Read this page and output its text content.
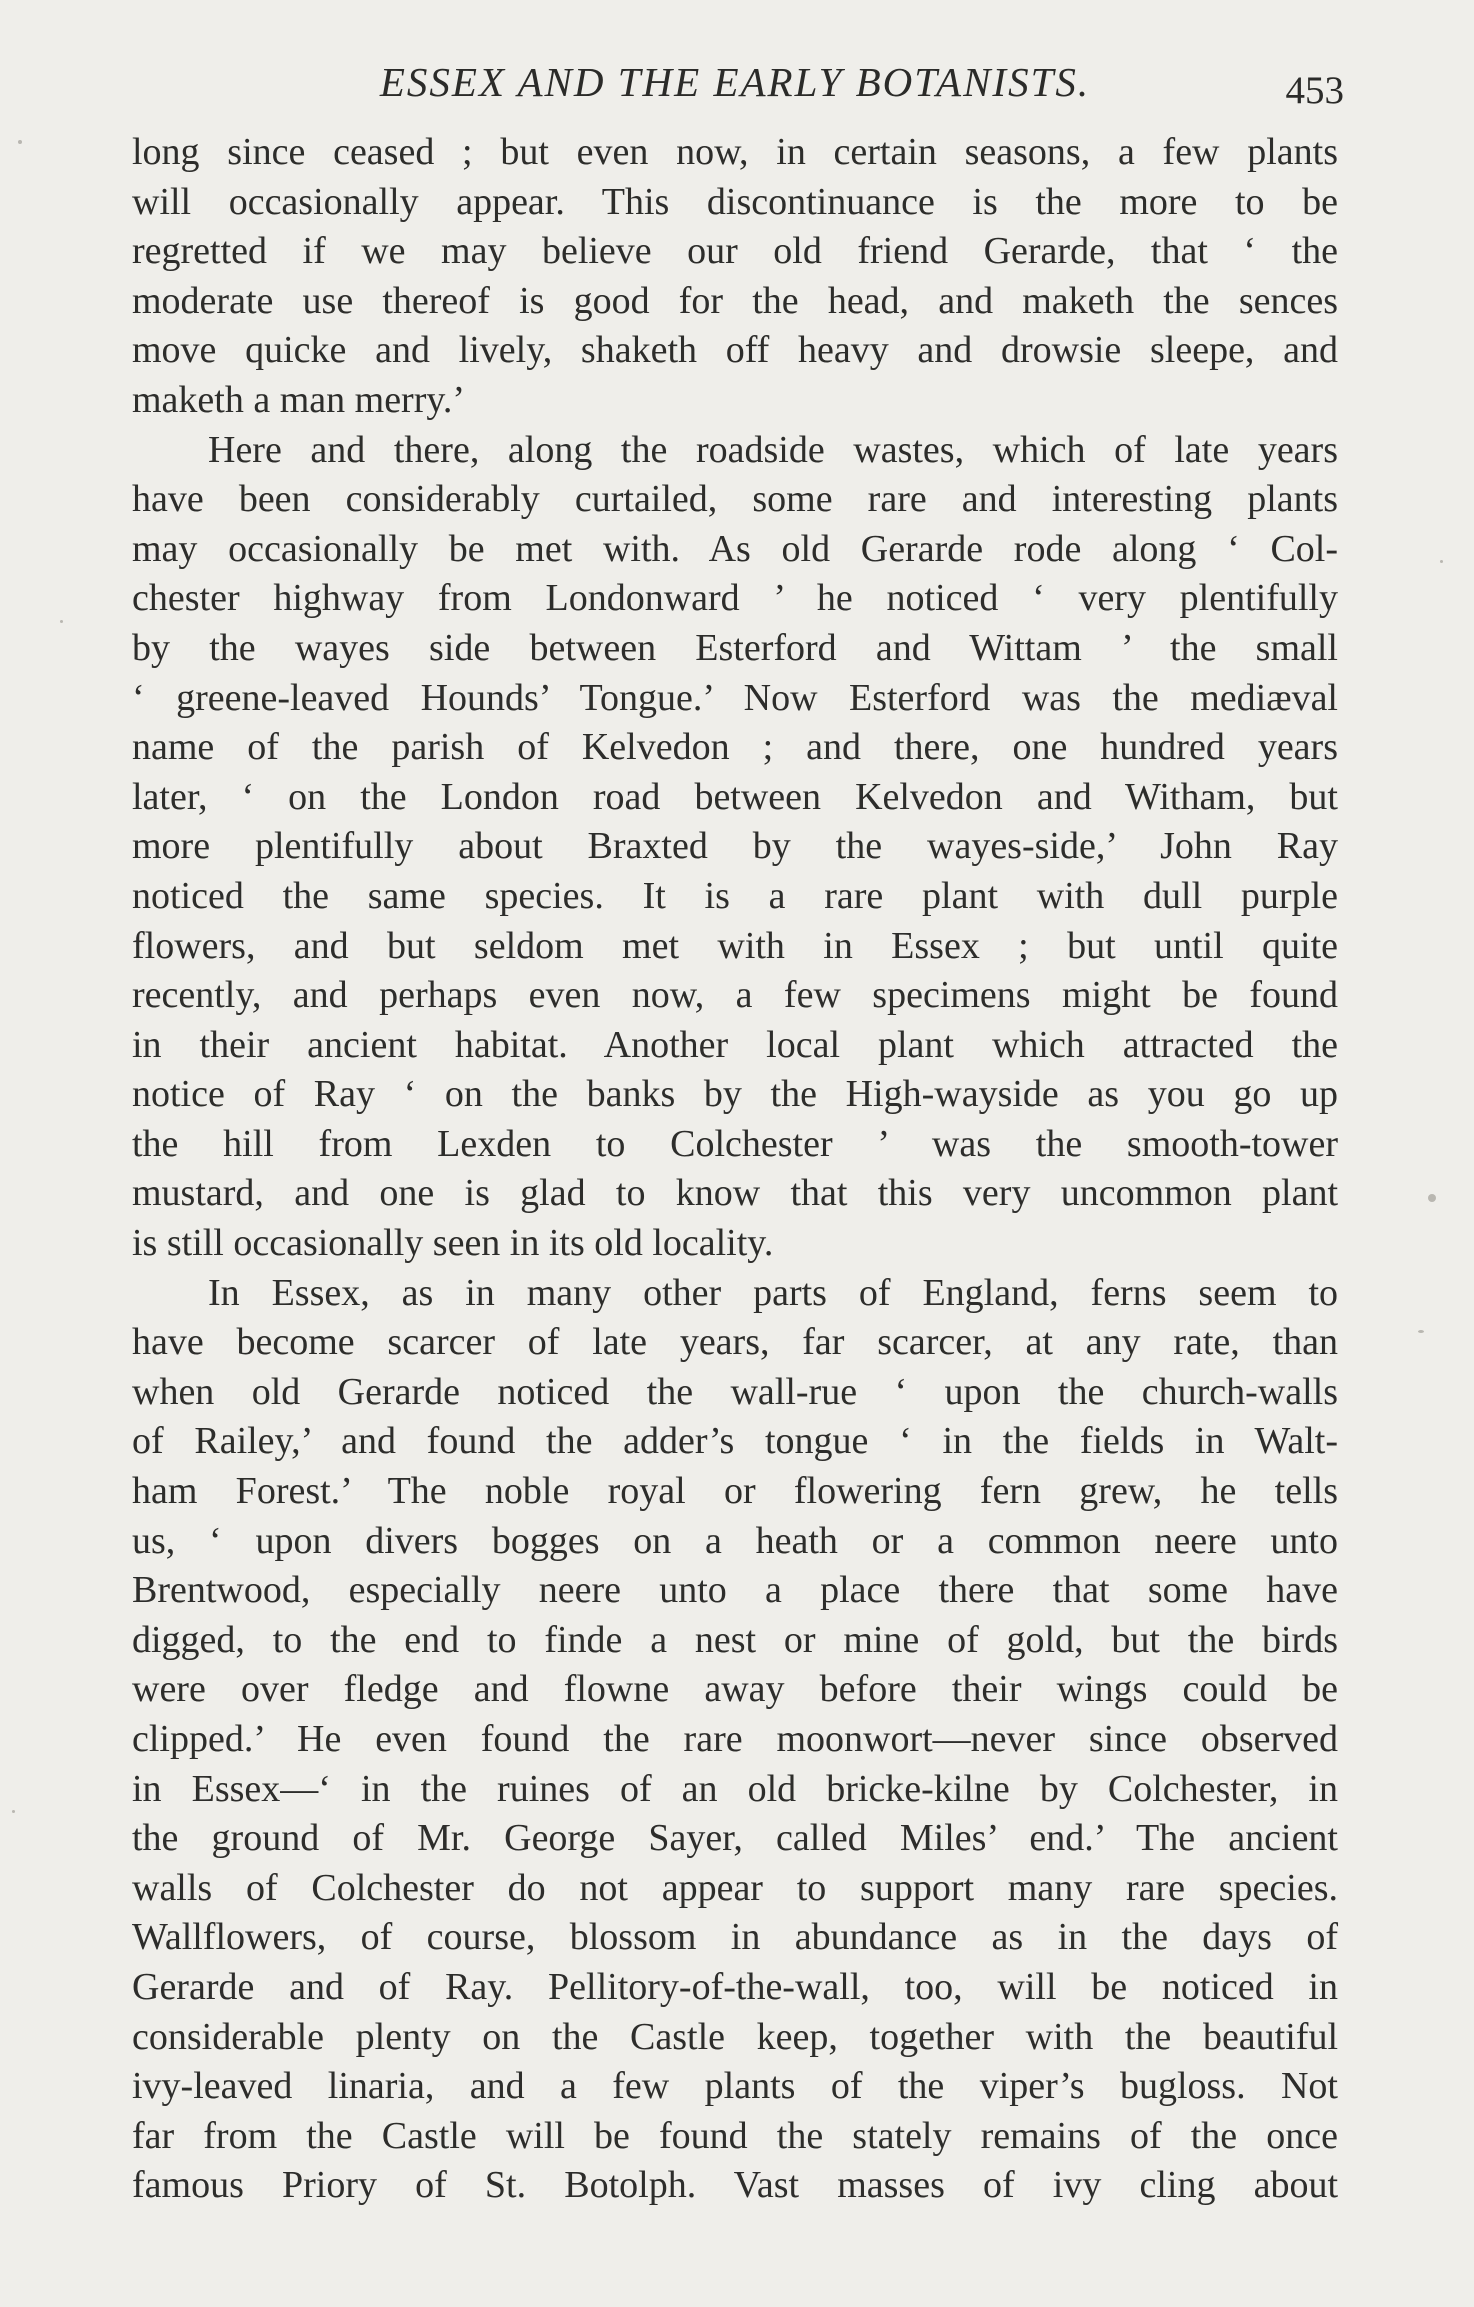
ESSEX AND THE EARLY BOTANISTS.	453

long since ceased ; but even now, in certain seasons, a few plants
will occasionally appear. This discontinuance is the more to be
regretted if we may believe our old friend Gerarde, that ‘ the
moderate use thereof is good for the head, and maketh the sences
move quicke and lively, shaketh off heavy and drowsie sleepe, and
maketh a man merry.’

Here and there, along the roadside wastes, which of late years
have been considerably curtailed, some rare and interesting plants
may occasionally be met with. As old Gerarde rode along ‘ Col-
chester highway from Londonward ’ he noticed ‘ very plentifully
by the wayes side between Esterford and Wittam ’ the small
‘ greene-leaved Hounds’ Tongue.’ Now Esterford was the mediæval
name of the parish of Kelvedon ; and there, one hundred years
later, ‘ on the London road between Kelvedon and Witham, but
more plentifully about Braxted by the wayes-side,’ John Ray
noticed the same species. It is a rare plant with dull purple
flowers, and but seldom met with in Essex ; but until quite
recently, and perhaps even now, a few specimens might be found
in their ancient habitat. Another local plant which attracted the
notice of Ray ‘ on the banks by the High-wayside as you go up
the hill from Lexden to Colchester ’ was the smooth-tower
mustard, and one is glad to know that this very uncommon plant
is still occasionally seen in its old locality.

In Essex, as in many other parts of England, ferns seem to
have become scarcer of late years, far scarcer, at any rate, than
when old Gerarde noticed the wall-rue ‘ upon the church-walls
of Railey,’ and found the adder’s tongue ‘ in the fields in Walt-
ham Forest.’ The noble royal or flowering fern grew, he tells
us, ‘ upon divers bogges on a heath or a common neere unto
Brentwood, especially neere unto a place there that some have
digged, to the end to finde a nest or mine of gold, but the birds
were over fledge and flowne away before their wings could be
clipped.’ He even found the rare moonwort—never since observed
in Essex—‘ in the ruines of an old bricke-kilne by Colchester, in
the ground of Mr. George Sayer, called Miles’ end.’ The ancient
walls of Colchester do not appear to support many rare species.
Wallflowers, of course, blossom in abundance as in the days of
Gerarde and of Ray. Pellitory-of-the-wall, too, will be noticed in
considerable plenty on the Castle keep, together with the beautiful
ivy-leaved linaria, and a few plants of the viper’s bugloss. Not
far from the Castle will be found the stately remains of the once
famous Priory of St. Botolph. Vast masses of ivy cling about
